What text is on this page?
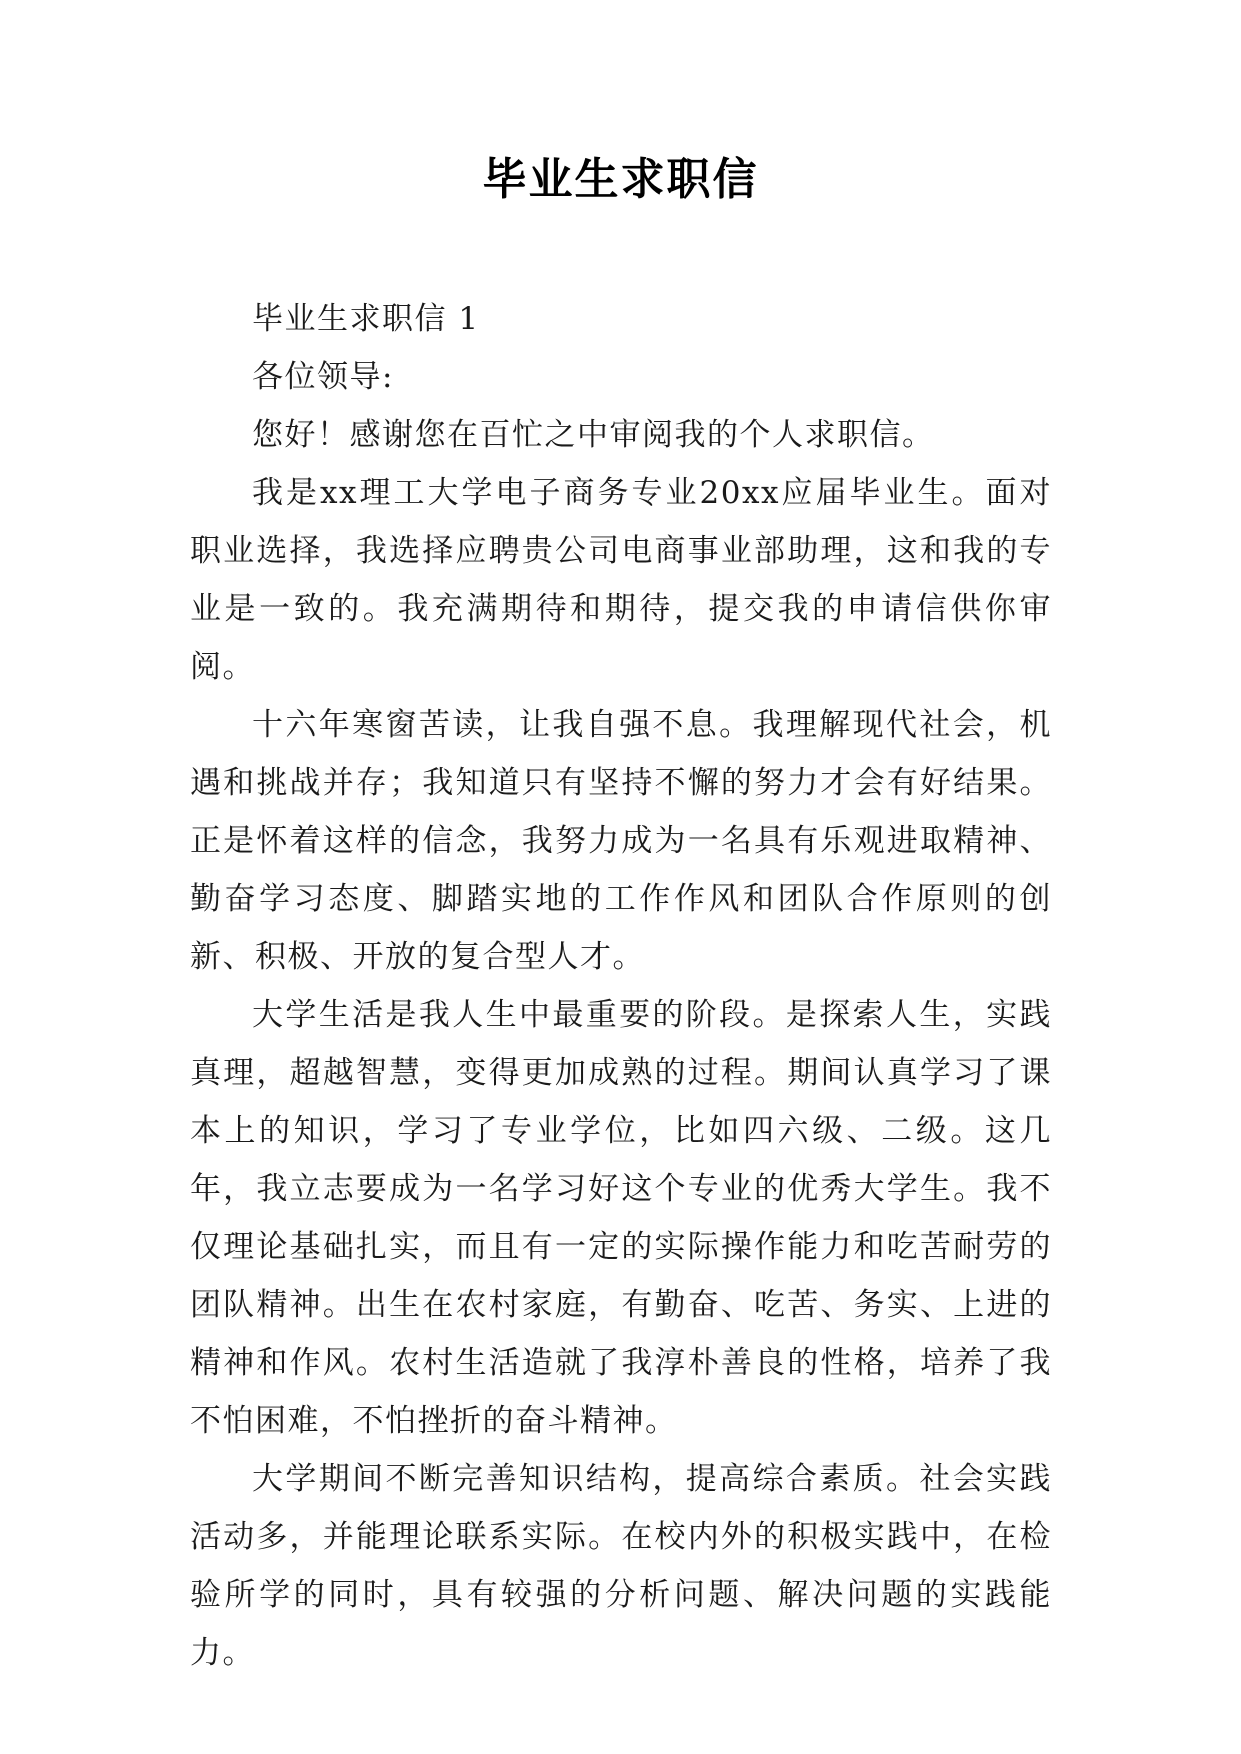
毕业生求职信

毕业生求职信 1

各位领导:

您好！感谢您在百忙之中审阅我的个人求职信。

我是xx理工大学电子商务专业20xx应届毕业生。面对职业选择，我选择应聘贵公司电商事业部助理，这和我的专业是一致的。我充满期待和期待，提交我的申请信供你审阅。

十六年寒窗苦读，让我自强不息。我理解现代社会，机遇和挑战并存；我知道只有坚持不懈的努力才会有好结果。正是怀着这样的信念，我努力成为一名具有乐观进取精神、勤奋学习态度、脚踏实地的工作作风和团队合作原则的创新、积极、开放的复合型人才。

大学生活是我人生中最重要的阶段。是探索人生，实践真理，超越智慧，变得更加成熟的过程。期间认真学习了课本上的知识，学习了专业学位，比如四六级、二级。这几年，我立志要成为一名学习好这个专业的优秀大学生。我不仅理论基础扎实，而且有一定的实际操作能力和吃苦耐劳的团队精神。出生在农村家庭，有勤奋、吃苦、务实、上进的精神和作风。农村生活造就了我淳朴善良的性格，培养了我不怕困难，不怕挫折的奋斗精神。

大学期间不断完善知识结构，提高综合素质。社会实践活动多，并能理论联系实际。在校内外的积极实践中，在检验所学的同时，具有较强的分析问题、解决问题的实践能力。
